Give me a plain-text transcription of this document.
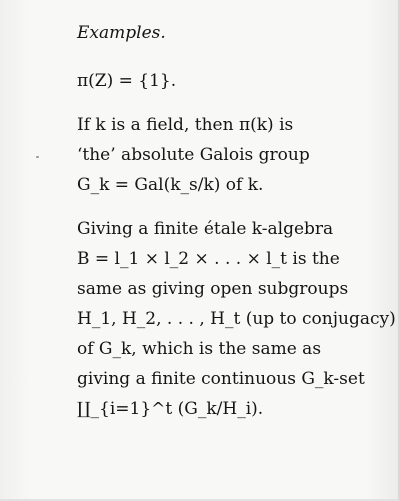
Examples.

π(Z) = {1}.

If k is a field, then π(k) is

‘the’ absolute Galois group

G_k = Gal(k_s/k) of k.

Giving a finite étale k-algebra

B = l_1 × l_2 × . . . × l_t is the

same as giving open subgroups

H_1, H_2, . . . , H_t (up to conjugacy)

of G_k, which is the same as

giving a finite continuous G_k-set

∐_{i=1}^t (G_k/H_i).
